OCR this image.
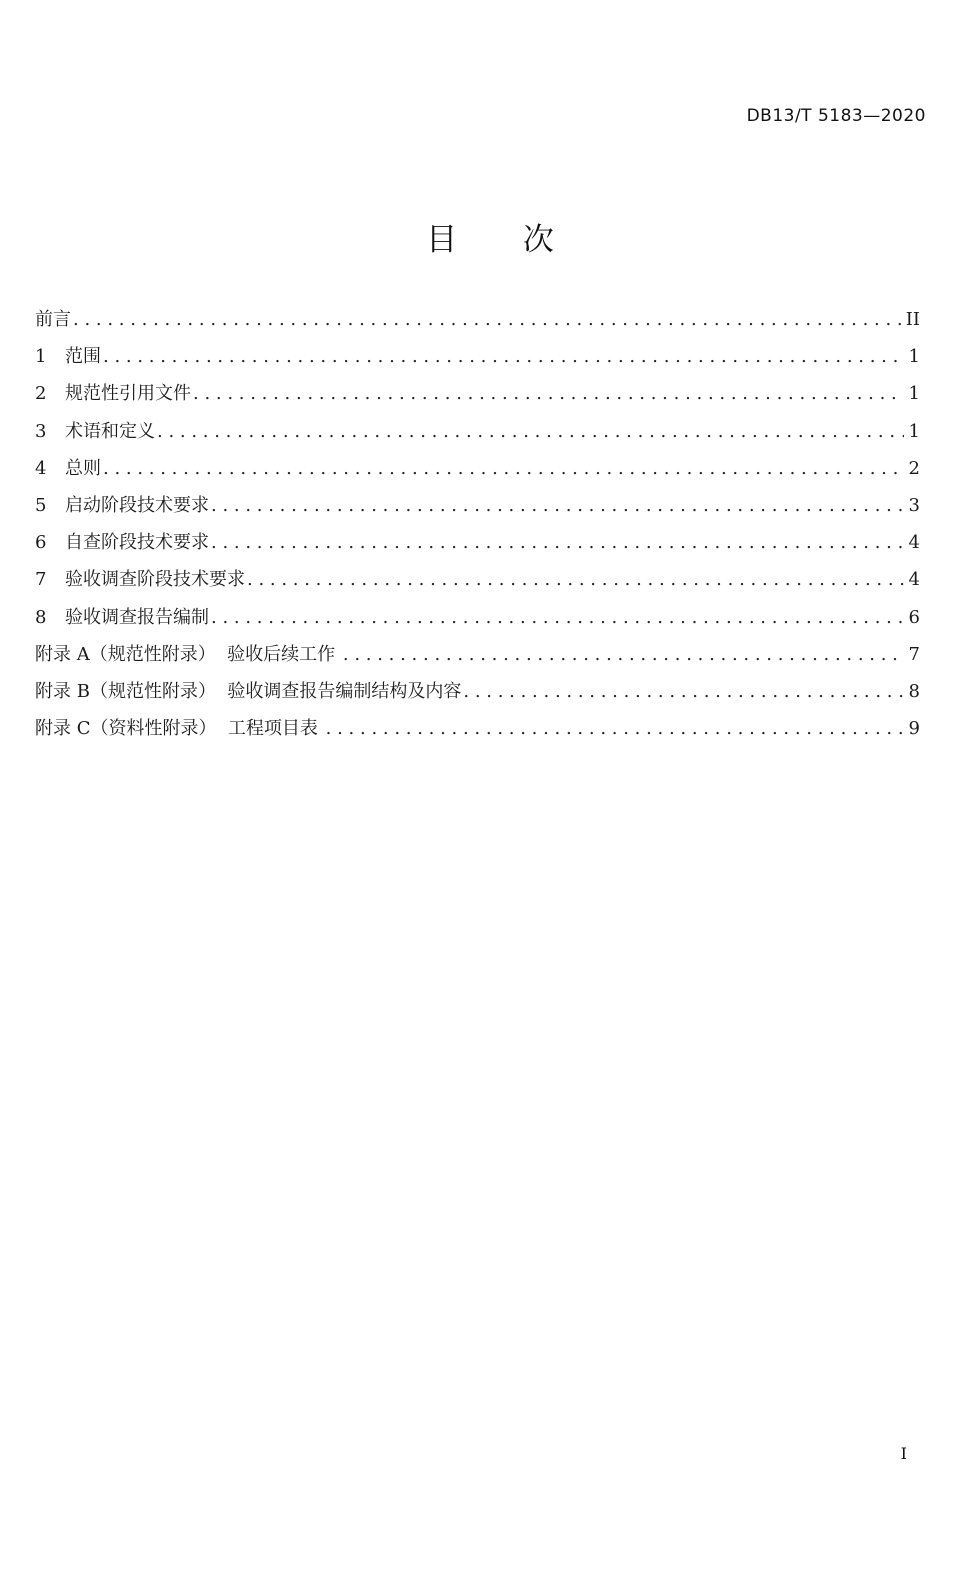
DB13/T 5183—2020
目 次
前言 . . .	II
1	范围 . . .	1
2	规范性引用文件 . . .	1
3	术语和定义 . . .	1
4	总则 . . .	2
5	启动阶段技术要求 . . .	3
6	自查阶段技术要求 . . .	4
7	验收调查阶段技术要求 . . .	4
8	验收调查报告编制 . . .	6
附录 A（规范性附录）  验收后续工作 . . .	7
附录 B（规范性附录）  验收调查报告编制结构及内容 . . .	8
附录 C（资料性附录）  工程项目表 . . .	9
I
